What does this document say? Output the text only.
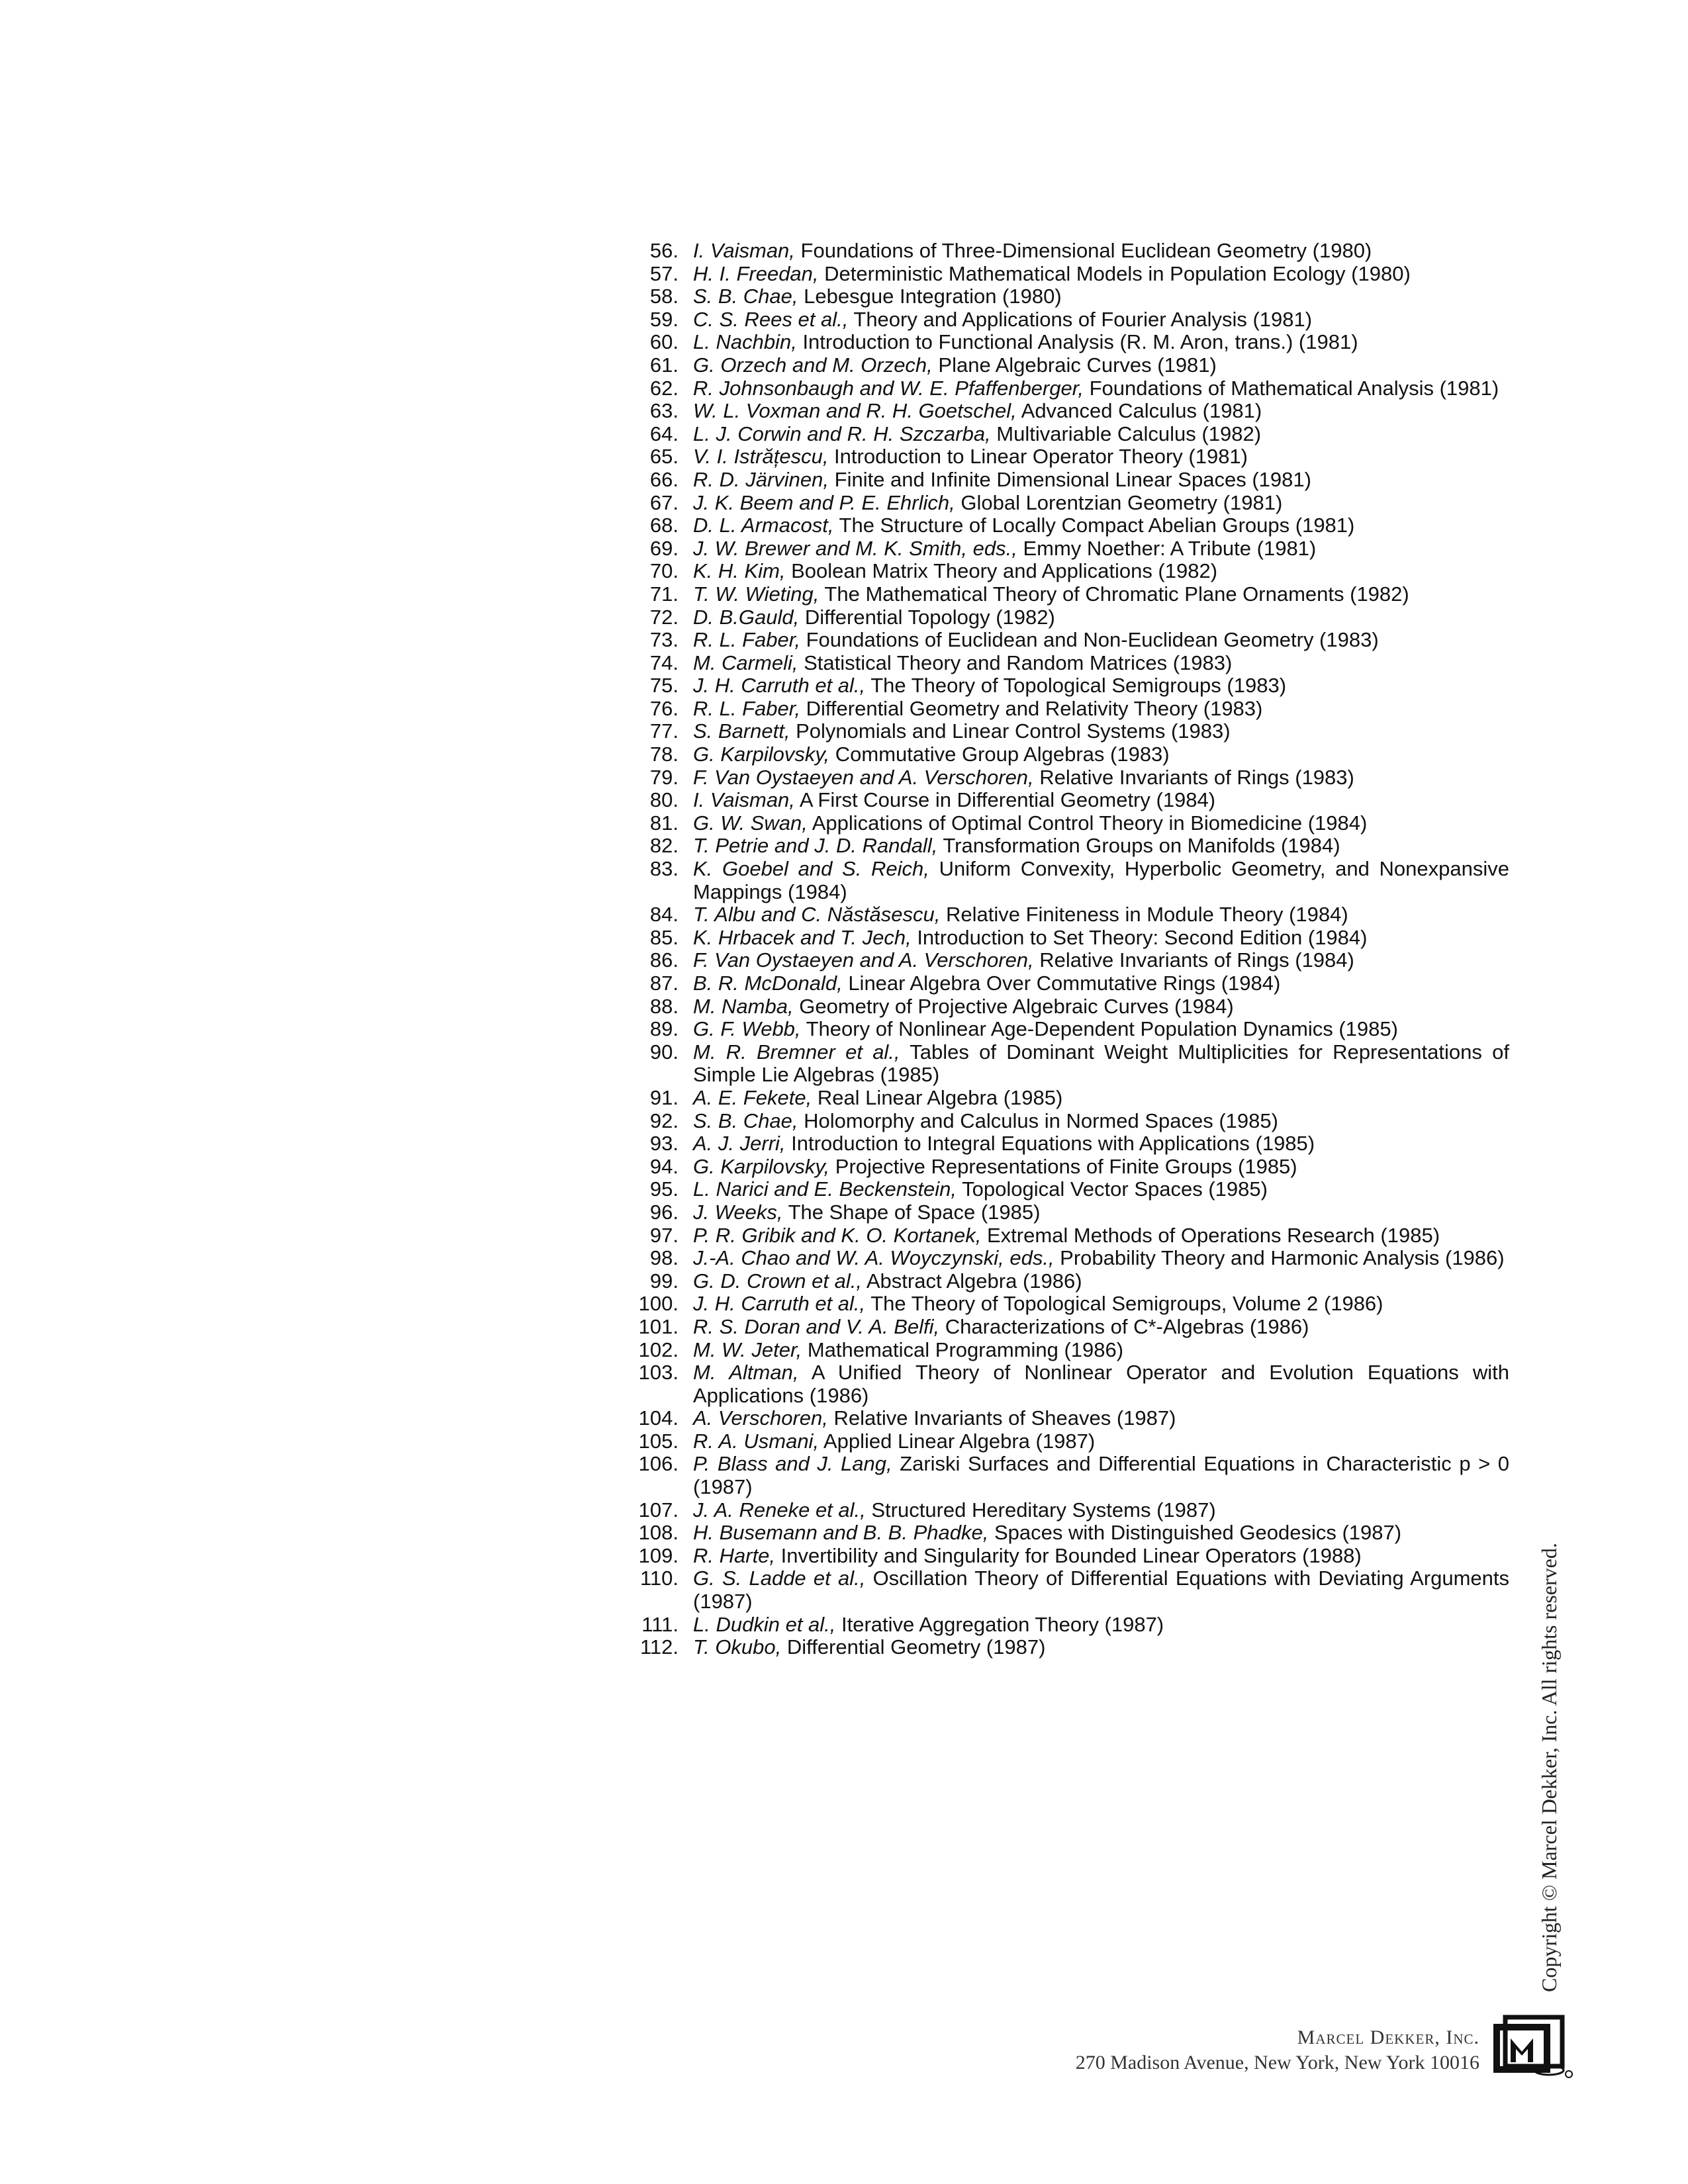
56. I. Vaisman, Foundations of Three-Dimensional Euclidean Geometry (1980)
57. H. I. Freedan, Deterministic Mathematical Models in Population Ecology (1980)
58. S. B. Chae, Lebesgue Integration (1980)
59. C. S. Rees et al., Theory and Applications of Fourier Analysis (1981)
60. L. Nachbin, Introduction to Functional Analysis (R. M. Aron, trans.) (1981)
61. G. Orzech and M. Orzech, Plane Algebraic Curves (1981)
62. R. Johnsonbaugh and W. E. Pfaffenberger, Foundations of Mathematical Analysis (1981)
63. W. L. Voxman and R. H. Goetschel, Advanced Calculus (1981)
64. L. J. Corwin and R. H. Szczarba, Multivariable Calculus (1982)
65. V. I. Istrățescu, Introduction to Linear Operator Theory (1981)
66. R. D. Järvinen, Finite and Infinite Dimensional Linear Spaces (1981)
67. J. K. Beem and P. E. Ehrlich, Global Lorentzian Geometry (1981)
68. D. L. Armacost, The Structure of Locally Compact Abelian Groups (1981)
69. J. W. Brewer and M. K. Smith, eds., Emmy Noether: A Tribute (1981)
70. K. H. Kim, Boolean Matrix Theory and Applications (1982)
71. T. W. Wieting, The Mathematical Theory of Chromatic Plane Ornaments (1982)
72. D. B.Gauld, Differential Topology (1982)
73. R. L. Faber, Foundations of Euclidean and Non-Euclidean Geometry (1983)
74. M. Carmeli, Statistical Theory and Random Matrices (1983)
75. J. H. Carruth et al., The Theory of Topological Semigroups (1983)
76. R. L. Faber, Differential Geometry and Relativity Theory (1983)
77. S. Barnett, Polynomials and Linear Control Systems (1983)
78. G. Karpilovsky, Commutative Group Algebras (1983)
79. F. Van Oystaeyen and A. Verschoren, Relative Invariants of Rings (1983)
80. I. Vaisman, A First Course in Differential Geometry (1984)
81. G. W. Swan, Applications of Optimal Control Theory in Biomedicine (1984)
82. T. Petrie and J. D. Randall, Transformation Groups on Manifolds (1984)
83. K. Goebel and S. Reich, Uniform Convexity, Hyperbolic Geometry, and Nonexpansive Mappings (1984)
84. T. Albu and C. Năstăsescu, Relative Finiteness in Module Theory (1984)
85. K. Hrbacek and T. Jech, Introduction to Set Theory: Second Edition (1984)
86. F. Van Oystaeyen and A. Verschoren, Relative Invariants of Rings (1984)
87. B. R. McDonald, Linear Algebra Over Commutative Rings (1984)
88. M. Namba, Geometry of Projective Algebraic Curves (1984)
89. G. F. Webb, Theory of Nonlinear Age-Dependent Population Dynamics (1985)
90. M. R. Bremner et al., Tables of Dominant Weight Multiplicities for Representations of Simple Lie Algebras (1985)
91. A. E. Fekete, Real Linear Algebra (1985)
92. S. B. Chae, Holomorphy and Calculus in Normed Spaces (1985)
93. A. J. Jerri, Introduction to Integral Equations with Applications (1985)
94. G. Karpilovsky, Projective Representations of Finite Groups (1985)
95. L. Narici and E. Beckenstein, Topological Vector Spaces (1985)
96. J. Weeks, The Shape of Space (1985)
97. P. R. Gribik and K. O. Kortanek, Extremal Methods of Operations Research (1985)
98. J.-A. Chao and W. A. Woyczynski, eds., Probability Theory and Harmonic Analysis (1986)
99. G. D. Crown et al., Abstract Algebra (1986)
100. J. H. Carruth et al., The Theory of Topological Semigroups, Volume 2 (1986)
101. R. S. Doran and V. A. Belfi, Characterizations of C*-Algebras (1986)
102. M. W. Jeter, Mathematical Programming (1986)
103. M. Altman, A Unified Theory of Nonlinear Operator and Evolution Equations with Applications (1986)
104. A. Verschoren, Relative Invariants of Sheaves (1987)
105. R. A. Usmani, Applied Linear Algebra (1987)
106. P. Blass and J. Lang, Zariski Surfaces and Differential Equations in Characteristic p > 0 (1987)
107. J. A. Reneke et al., Structured Hereditary Systems (1987)
108. H. Busemann and B. B. Phadke, Spaces with Distinguished Geodesics (1987)
109. R. Harte, Invertibility and Singularity for Bounded Linear Operators (1988)
110. G. S. Ladde et al., Oscillation Theory of Differential Equations with Deviating Arguments (1987)
111. L. Dudkin et al., Iterative Aggregation Theory (1987)
112. T. Okubo, Differential Geometry (1987)	Copyright © Marcel Dekker, Inc. All rights reserved.
Marcel Dekker, Inc.
270 Madison Avenue, New York, New York 10016
